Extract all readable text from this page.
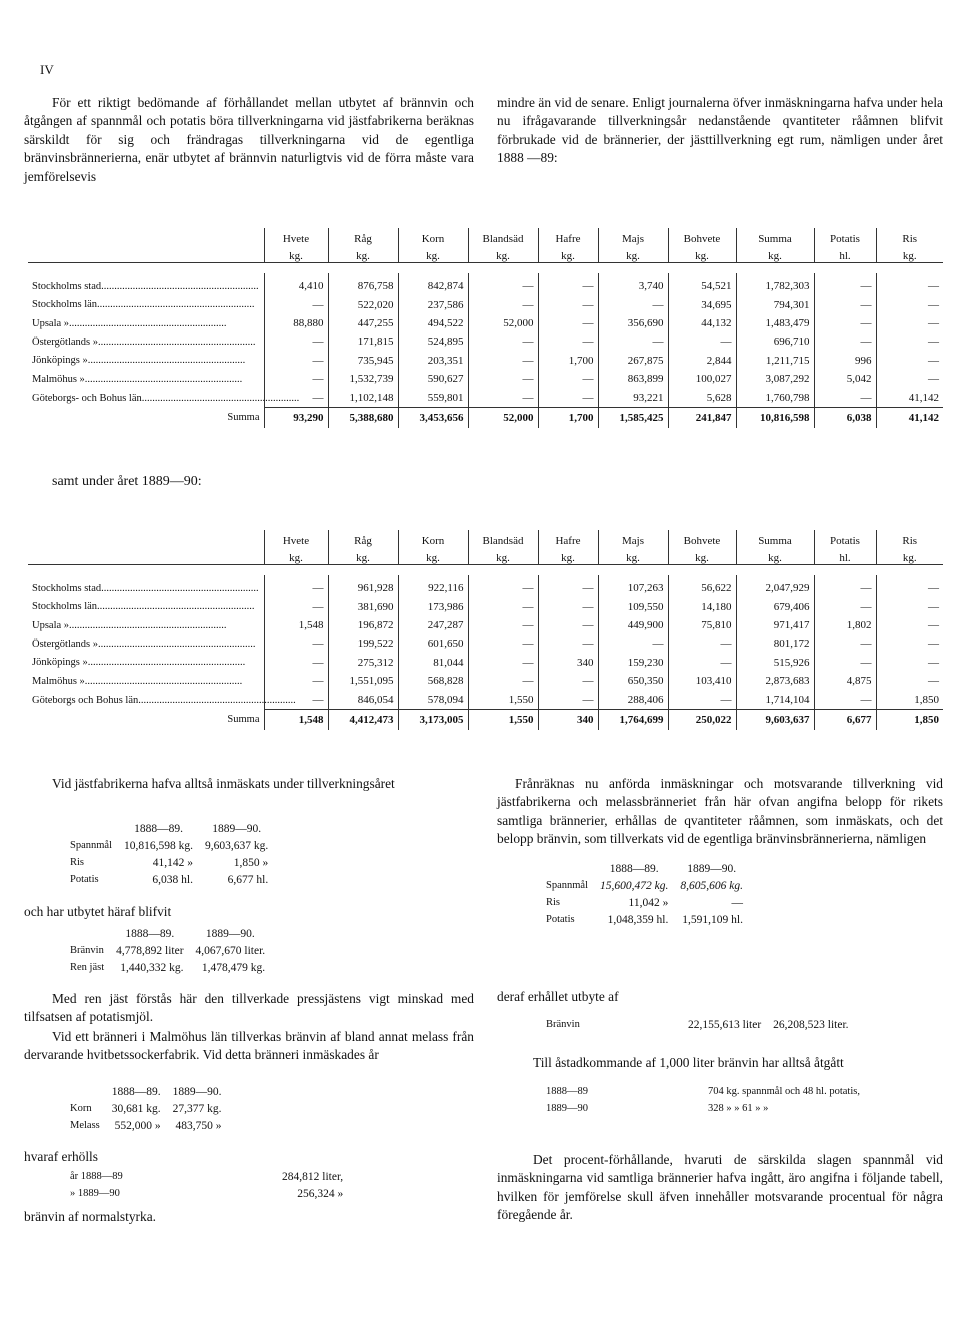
IV
För ett riktigt bedömande af förhållandet mellan utbytet af brännvin och åtgången af spannmål och potatis böra tillverkningarna vid jästfabrikerna beräknas särskildt för sig och frändragas tillverkningarna vid de egentliga bränvinsbrännerierna, enär utbytet af brännvin naturligtvis vid de förra måste vara jemförelsevis
mindre än vid de senare. Enligt journalerna öfver inmäskningarna hafva under hela nu ifrågavarande tillverkningsår nedanstående qvantiteter rååmnen blifvit förbrukade vid de brännerier, der jästtillverkning egt rum, nämligen under året 1888 —89:
	Hvete	Råg	Korn	Blandsäd	Hafre	Majs	Bohvete	Summa	Potatis	Ris
	kg.	kg.	kg.	kg.	kg.	kg.	kg.	kg.	hl.	kg.

Stockholms stad............................................................	4,410	876,758	842,874	—	—	3,740	54,521	1,782,303	—	—
Stockholms län............................................................	—	522,020	237,586	—	—	—	34,695	794,301	—	—
Upsala »............................................................	88,880	447,255	494,522	52,000	—	356,690	44,132	1,483,479	—	—
Östergötlands »............................................................	—	171,815	524,895	—	—	—	—	696,710	—	—
Jönköpings »............................................................	—	735,945	203,351	—	1,700	267,875	2,844	1,211,715	996	—
Malmöhus »............................................................	—	1,532,739	590,627	—	—	863,899	100,027	3,087,292	5,042	—
Göteborgs- och Bohus län............................................................	—	1,102,148	559,801	—	—	93,221	5,628	1,760,798	—	41,142
Summa	93,290	5,388,680	3,453,656	52,000	1,700	1,585,425	241,847	10,816,598	6,038	41,142
samt under året 1889—90:
	Hvete	Råg	Korn	Blandsäd	Hafre	Majs	Bohvete	Summa	Potatis	Ris
	kg.	kg.	kg.	kg.	kg.	kg.	kg.	kg.	hl.	kg.

Stockholms stad............................................................	—	961,928	922,116	—	—	107,263	56,622	2,047,929	—	—
Stockholms län............................................................	—	381,690	173,986	—	—	109,550	14,180	679,406	—	—
Upsala »............................................................	1,548	196,872	247,287	—	—	449,900	75,810	971,417	1,802	—
Östergötlands »............................................................	—	199,522	601,650	—	—	—	—	801,172	—	—
Jönköpings »............................................................	—	275,312	81,044	—	340	159,230	—	515,926	—	—
Malmöhus »............................................................	—	1,551,095	568,828	—	—	650,350	103,410	2,873,683	4,875	—
Göteborgs och Bohus län............................................................	—	846,054	578,094	1,550	—	288,406	—	1,714,104	—	1,850
Summa	1,548	4,412,473	3,173,005	1,550	340	1,764,699	250,022	9,603,637	6,677	1,850
Vid jästfabrikerna hafva alltså inmäskats under tillverkningsåret
	1888—89.	1889—90.
Spannmål	10,816,598 kg.	9,603,637 kg.
Ris	41,142 »	1,850 »
Potatis	6,038 hl.	6,677 hl.
och har utbytet häraf blifvit
	1888—89.	1889—90.
Bränvin	4,778,892 liter	4,067,670 liter.
Ren jäst	1,440,332 kg.	1,478,479 kg.
Med ren jäst förstås här den tillverkade pressjästens vigt minskad med tilfsatsen af potatismjöl.
Vid ett bränneri i Malmöhus län tillverkas bränvin af bland annat melass från dervarande hvitbetssockerfabrik. Vid detta bränneri inmäskades år
	1888—89.	1889—90.
Korn	30,681 kg.	27,377 kg.
Melass	552,000 »	483,750 »
hvaraf erhölls
år 1888—89	284,812 liter,
» 1889—90	256,324 »
bränvin af normalstyrka.
Frånräknas nu anförda inmäskningar och motsvarande tillverkning vid jästfabrikerna och melassbränneriet från här ofvan angifna belopp för rikets samtliga brännerier, erhållas de qvantiteter rååmnen, som inmäskats, och det belopp bränvin, som tillverkats vid de egentliga bränvinsbrännerierna, nämligen
	1888—89.	1889—90.
Spannmål	15,600,472 kg.	8,605,606 kg.
Ris	11,042 »	—
Potatis	1,048,359 hl.	1,591,109 hl.
deraf erhållet utbyte af
Bränvin	22,155,613 liter	26,208,523 liter.
Till åstadkommande af 1,000 liter bränvin har alltså åtgått
1888—89	704 kg. spannmål och 48 hl. potatis,
1889—90	328 » » 61 » »
Det procent-förhållande, hvaruti de särskilda slagen spannmål vid inmäskningarna vid samtliga brännerier hafva ingått, äro angifna i följande tabell, hvilken för jemförelse skull äfven innehåller motsvarande procentual för några föregående år.
